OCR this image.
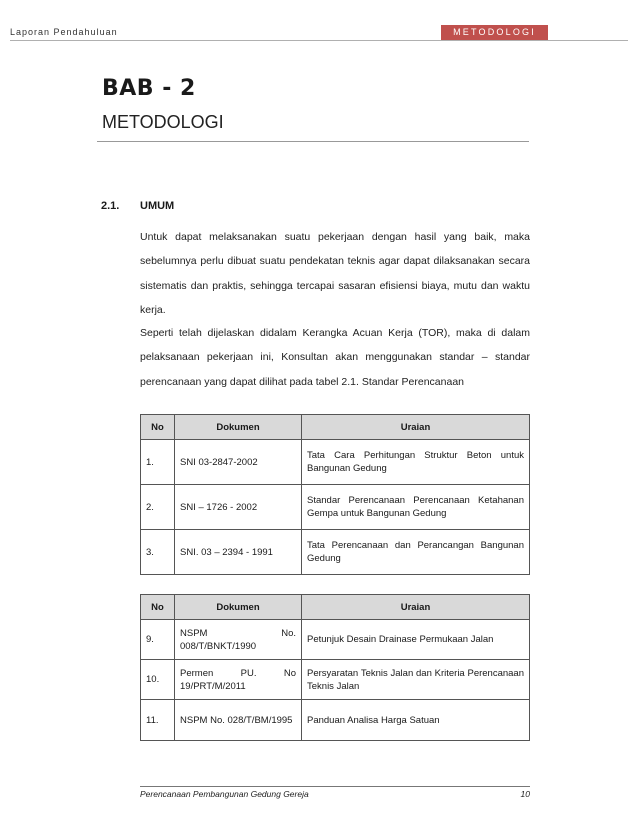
Laporan Pendahuluan	METODOLOGI
BAB - 2
METODOLOGI
2.1. UMUM
Untuk dapat melaksanakan suatu pekerjaan dengan hasil yang baik, maka sebelumnya perlu dibuat suatu pendekatan teknis agar dapat dilaksanakan secara sistematis dan praktis, sehingga tercapai sasaran efisiensi biaya, mutu dan waktu kerja.
Seperti telah dijelaskan didalam Kerangka Acuan Kerja (TOR), maka di dalam pelaksanaan pekerjaan ini, Konsultan akan menggunakan standar – standar perencanaan yang dapat dilihat pada tabel 2.1. Standar Perencanaan
No	Dokumen	Uraian
1.	SNI 03-2847-2002	Tata Cara Perhitungan Struktur Beton untuk Bangunan Gedung
2.	SNI – 1726 - 2002	Standar Perencanaan Perencanaan Ketahanan Gempa untuk Bangunan Gedung
3.	SNI. 03 – 2394 - 1991	Tata Perencanaan dan Perancangan Bangunan Gedung
No	Dokumen	Uraian
9.	NSPM No. 008/T/BNKT/1990	Petunjuk Desain Drainase Permukaan Jalan
10.	Permen PU. No 19/PRT/M/2011	Persyaratan Teknis Jalan dan Kriteria Perencanaan Teknis Jalan
11.	NSPM No. 028/T/BM/1995	Panduan Analisa Harga Satuan
Perencanaan Pembangunan Gedung Gereja	10
